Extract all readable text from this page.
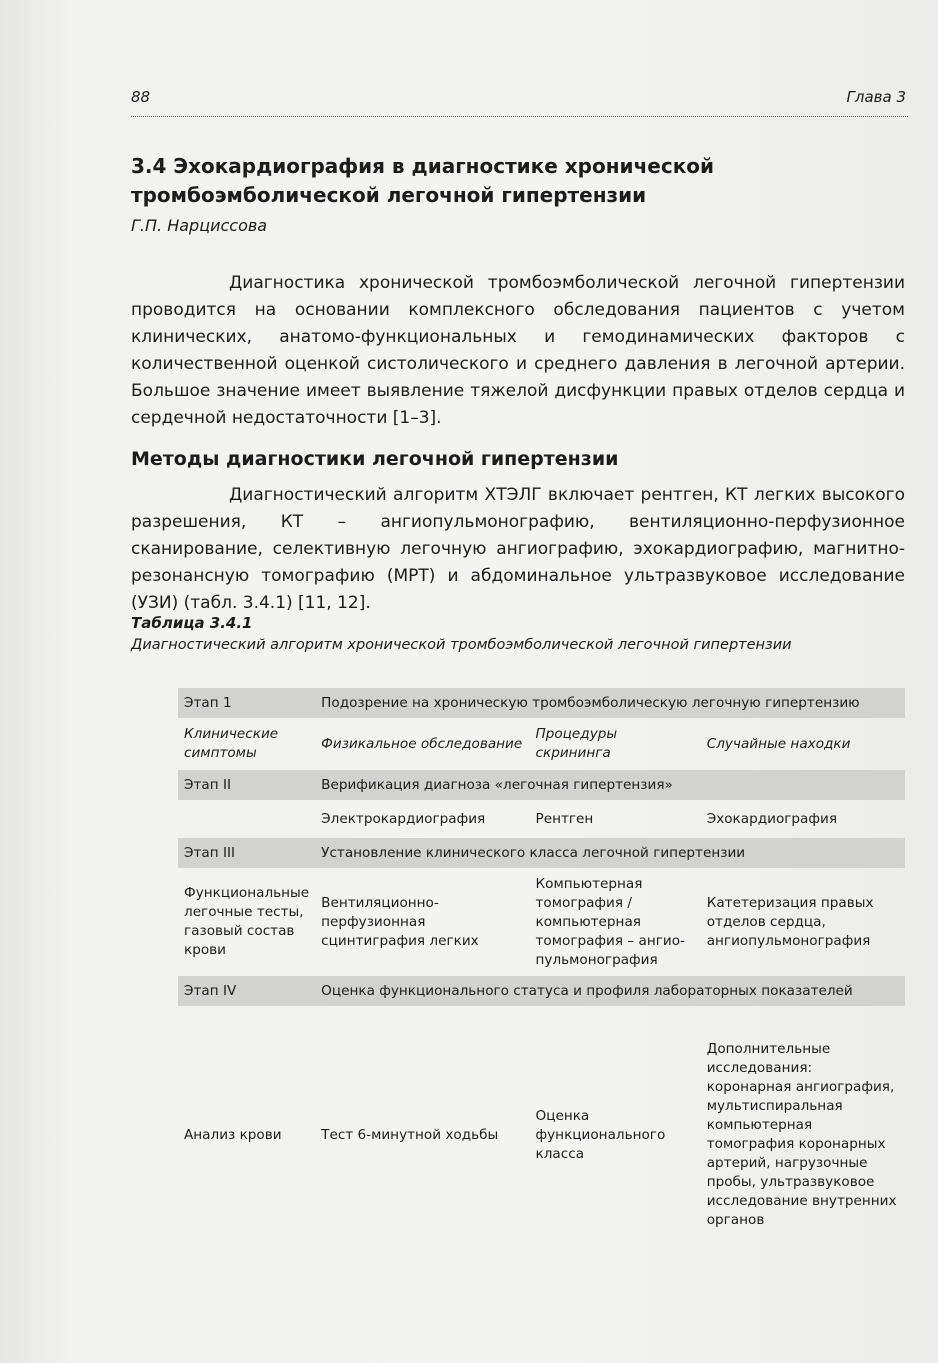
88	Глава 3
3.4 Эхокардиография в диагностике хронической тромбоэмболической легочной гипертензии
Г.П. Нарциссова

Диагностика хронической тромбоэмболической легочной гипертензии проводится на основании комплексного обследования пациентов с учетом клинических, анатомо-функциональных и гемодинамических факторов с количественной оценкой систолического и среднего давления в легочной артерии. Большое значение имеет выявление тяжелой дисфункции правых отделов сердца и сердечной недостаточности [1–3].

Методы диагностики легочной гипертензии

Диагностический алгоритм ХТЭЛГ включает рентген, КТ легких высокого разрешения, КТ – ангиопульмонографию, вентиляционно-перфузионное сканирование, селективную легочную ангиографию, эхокардиографию, магнитно-резонансную томографию (МРТ) и абдоминальное ультразвуковое исследование (УЗИ) (табл. 3.4.1) [11, 12].

Таблица 3.4.1
Диагностический алгоритм хронической тромбоэмболической легочной гипертензии
Этап 1	Подозрение на хроническую тромбоэмболическую легочную гипертензию		
Клинические симптомы	Физикальное обследование	Процедуры скрининга	Случайные находки
Этап II	Верификация диагноза «легочная гипертензия»		
	Электрокардиография	Рентген	Эхокардиография
Этап III	Установление клинического класса легочной гипертензии		
Функциональные легочные тесты, газовый состав крови	Вентиляционно-перфузионная сцинтиграфия легких	Компьютерная томография / компьютерная томография – ангио-пульмонография	Катетеризация правых отделов сердца, ангиопульмонография
Этап IV	Оценка функционального статуса и профиля лабораторных показателей		
Анализ крови	Тест 6-минутной ходьбы	Оценка функционального класса	Дополнительные исследования: коронарная ангиография, мультиспиральная компьютерная томография коронарных артерий, нагрузочные пробы, ультразвуковое исследование внутренних органов
